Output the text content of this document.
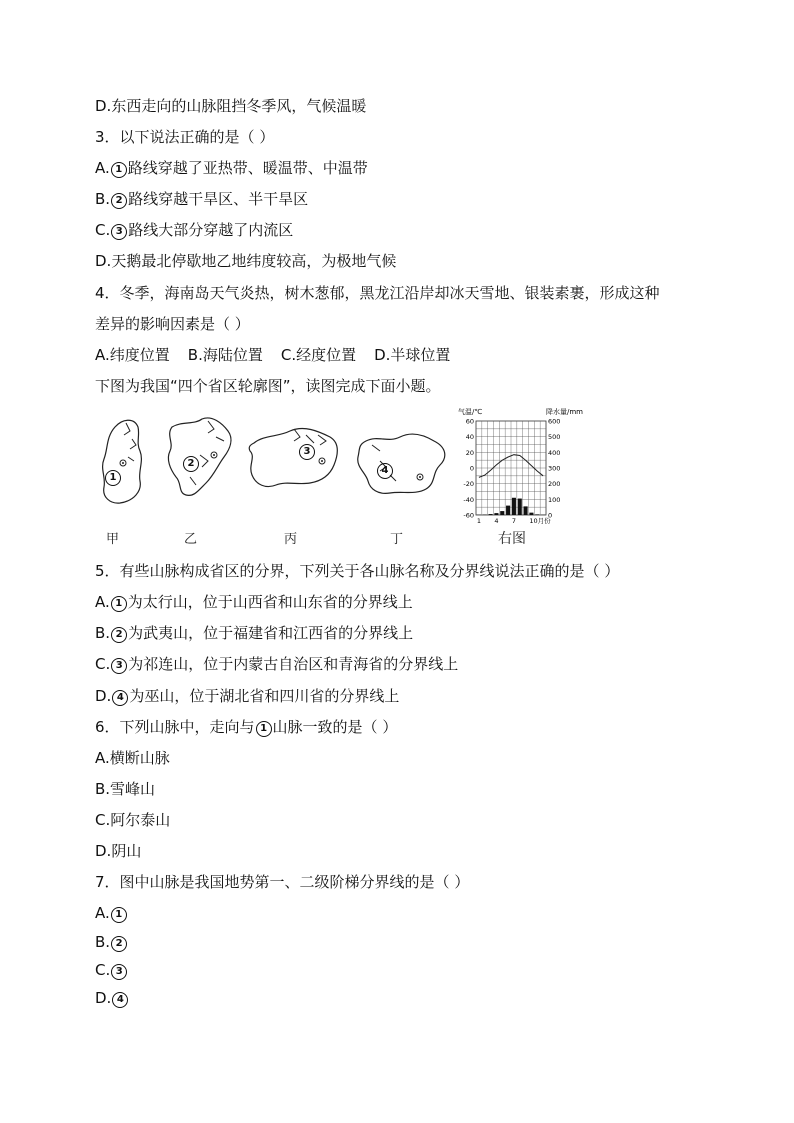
D.东西走向的山脉阻挡冬季风，气候温暖
3．以下说法正确的是（ ）
A. 1 路线穿越了亚热带、暖温带、中温带
B. 2 路线穿越干旱区、半干旱区
C. 3 路线大部分穿越了内流区
D.天鹅最北停歇地乙地纬度较高，为极地气候
4．冬季，海南岛天气炎热，树木葱郁，黑龙江沿岸却冰天雪地、银装素裹，形成这种
差异的影响因素是（ ）
A.纬度位置 B.海陆位置 C.经度位置 D.半球位置
下图为我国“四个省区轮廓图”，读图完成下面小题。
1
2
3
4
甲	乙	丙	丁
60
40
20
0
-20
-40
-60
600
500
400
300
200
100
0
1 4 7 10月份
气温/℃	降水量/mm
右图
5．有些山脉构成省区的分界，下列关于各山脉名称及分界线说法正确的是（ ）
A. 1 为太行山，位于山西省和山东省的分界线上
B. 2 为武夷山，位于福建省和江西省的分界线上
C. 3 为祁连山，位于内蒙古自治区和青海省的分界线上
D. 4 为巫山，位于湖北省和四川省的分界线上
6．下列山脉中，走向与 1 山脉一致的是（ ）
A.横断山脉
B.雪峰山
C.阿尔泰山
D.阴山
7．图中山脉是我国地势第一、二级阶梯分界线的是（ ）
A. 1
B. 2
C. 3
D. 4
